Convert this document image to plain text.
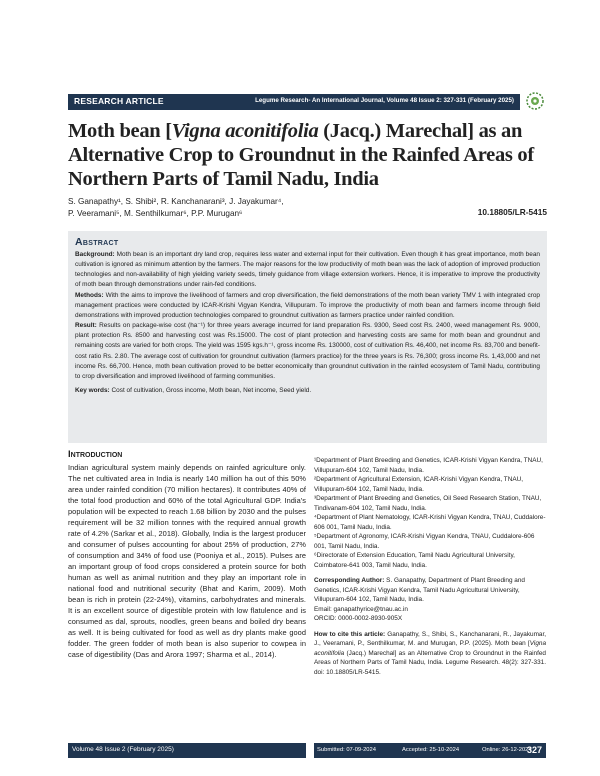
RESEARCH ARTICLE	Legume Research- An International Journal, Volume 48 Issue 2: 327-331 (February 2025)
Moth bean [Vigna aconitifolia (Jacq.) Marechal] as an Alternative Crop to Groundnut in the Rainfed Areas of Northern Parts of Tamil Nadu, India
S. Ganapathy¹, S. Shibi², R. Kanchanarani³, J. Jayakumar⁴,
P. Veeramani⁵, M. Senthilkumar⁶, P.P. Murugan⁶	10.18805/LR-5415
Abstract

Background: Moth bean is an important dry land crop, requires less water and external input for their cultivation. Even though it has great importance, moth bean cultivation is ignored as minimum attention by the farmers. The major reasons for the low productivity of moth bean was the lack of adoption of improved production technologies and non-availability of high yielding variety seeds, timely guidance from village extension workers. Hence, it is imperative to improve the productivity of moth bean through demonstrations under rain-fed conditions.

Methods: With the aims to improve the livelihood of farmers and crop diversification, the field demonstrations of the moth bean variety TMV 1 with integrated crop management practices were conducted by ICAR-Krishi Vigyan Kendra, Villupuram. To improve the productivity of moth bean and farmers income through field demonstrations with improved production technologies compared to groundnut cultivation as farmers practice under rainfed condition.

Result: Results on package-wise cost (ha⁻¹) for three years average incurred for land preparation Rs. 9300, Seed cost Rs. 2400, weed management Rs. 9000, plant protection Rs. 8500 and harvesting cost was Rs.15000. The cost of plant protection and harvesting costs are same for moth bean and groundnut and remaining costs are varied for both crops. The yield was 1595 kgs.h⁻¹, gross income Rs. 130000, cost of cultivation Rs. 46,400, net income Rs. 83,700 and benefit-cost ratio Rs. 2.80. The average cost of cultivation for groundnut cultivation (farmers practice) for the three years is Rs. 76,300; gross income Rs. 1,43,000 and net income Rs. 66,700. Hence, moth bean cultivation proved to be better economically than groundnut cultivation in the rainfed ecosystem of Tamil Nadu, contributing to crop diversification and improved livelihood of farming communities.

Key words: Cost of cultivation, Gross income, Moth bean, Net income, Seed yield.

Introduction

Indian agricultural system mainly depends on rainfed agriculture only. The net cultivated area in India is nearly 140 million ha out of this 50% area under rainfed condition (70 million hectares). It contributes 40% of the total food production and 60% of the total Agricultural GDP. India's population will be expected to reach 1.68 billion by 2030 and the pulses requirement will be 32 million tonnes with the required annual growth rate of 4.2% (Sarkar et al., 2018). Globally, India is the largest producer and consumer of pulses accounting for about 25% of production, 27% of consumption and 34% of food use (Pooniya et al., 2015). Pulses are an important group of food crops considered a protein source for both human as well as animal nutrition and they play an important role in national food and nutritional security (Bhat and Karim, 2009). Moth bean is rich in protein (22-24%), vitamins, carbohydrates and minerals. It is an excellent source of digestible protein with low flatulence and is consumed as dal, sprouts, noodles, green beans and boiled dry beans as well. It is being cultivated for food as well as dry plants make good fodder. The green fodder of moth bean is also superior to cowpea in case of digestibility (Das and Arora 1997; Sharma et al., 2014).

¹Department of Plant Breeding and Genetics, ICAR-Krishi Vigyan Kendra, TNAU, Villupuram-604 102, Tamil Nadu, India.
²Department of Agricultural Extension, ICAR-Krishi Vigyan Kendra, TNAU, Villupuram-604 102, Tamil Nadu, India.
³Department of Plant Breeding and Genetics, Oil Seed Research Station, TNAU, Tindivanam-604 102, Tamil Nadu, India.
⁴Department of Plant Nematology, ICAR-Krishi Vigyan Kendra, TNAU, Cuddalore-606 001, Tamil Nadu, India.
⁵Department of Agronomy, ICAR-Krishi Vigyan Kendra, TNAU, Cuddalore-606 001, Tamil Nadu, India.
⁶Directorate of Extension Education, Tamil Nadu Agricultural University, Coimbatore-641 003, Tamil Nadu, India.
Corresponding Author: S. Ganapathy, Department of Plant Breeding and Genetics, ICAR-Krishi Vigyan Kendra, Tamil Nadu Agricultural University, Villupuram-604 102, Tamil Nadu, India.
Email: ganapathyrice@tnau.ac.in
ORCID: 0000-0002-8930-905X
How to cite this article: Ganapathy, S., Shibi, S., Kanchanarani, R., Jayakumar, J., Veeramani, P., Senthilkumar, M. and Murugan, P.P. (2025). Moth bean [Vigna aconitifolia (Jacq.) Marechal] as an Alternative Crop to Groundnut in the Rainfed Areas of Northern Parts of Tamil Nadu, India. Legume Research. 48(2): 327-331. doi: 10.18805/LR-5415.
Volume 48 Issue 2 (February 2025)	Submitted: 07-09-2024	Accepted: 25-10-2024	Online: 26-12-2024
327
